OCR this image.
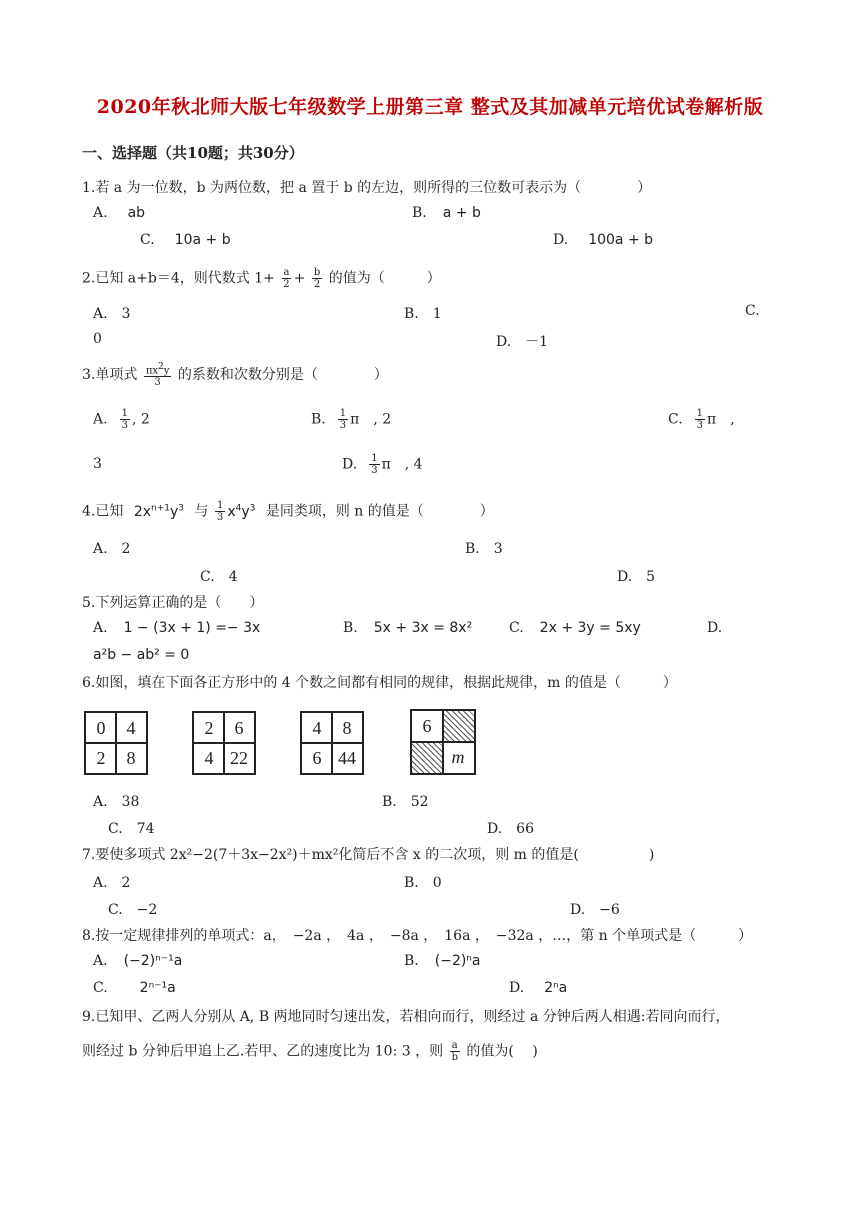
2020年秋北师大版七年级数学上册第三章 整式及其加减单元培优试卷解析版
一、选择题（共10题；共30分）
1.若 a 为一位数，b 为两位数，把 a 置于 b 的左边，则所得的三位数可表示为（　　　　）
A. ab	B. a + b
C. 10a + b	D. 100a + b
2.已知 a+b＝4，则代数式 $1+ \frac{a}{2} + \frac{b}{2}$ 的值为（　　　）
A.　3	B.　1	C.
0	D.　－1
3.单项式 $\frac{\pi x^2y}{3}$ 的系数和次数分别是（　　　　）
A. $\frac{1}{3}$ , 2	B. $\frac{1}{3}$ π　, 2	C. $\frac{1}{3}$ π　,
3	D. $\frac{1}{3}$ π　, 4
4.已知 $2x^{n+1}y^3$ 与 $\frac{1}{3} x^4y^3$ 是同类项，则 n 的值是（　　　　）
A.　2	B.　3
C.　4	D.　5
5.下列运算正确的是（　　）
A. 1 − (3x + 1) =− 3x	B. 5x + 3x = 8x²	C. 2x + 3y = 5xy	D.
a²b − ab² = 0
6.如图，填在下面各正方形中的 4 个数之间都有相同的规律，根据此规律，m 的值是（　　　）
0	4
2	8
2	6
4 22
4	8
6 44
6
m
A.　38	B.　52
C.　74	D.　66
7.要使多项式 2x²−2(7＋3x−2x²)＋mx²化简后不含 x 的二次项，则 m 的值是(　　　　　)
A.　2	B.　0
C.　−2	D.　−6
8.按一定规律排列的单项式：a，　−2a ，　4a ，　−8a ，　16a ，　−32a ，…，第 n 个单项式是（　　　）
A. (−2)ⁿ⁻¹a	B. (−2)ⁿa
C. 2ⁿ⁻¹a	D. 2ⁿa
9.已知甲、乙两人分别从 A, B 两地同时匀速出发，若相向而行，则经过 a 分钟后两人相遇:若同向而行，
则经过 b 分钟后甲追上乙.若甲、乙的速度比为 10: 3 ，则 $\frac{a}{b}$ 的值为(　 )
